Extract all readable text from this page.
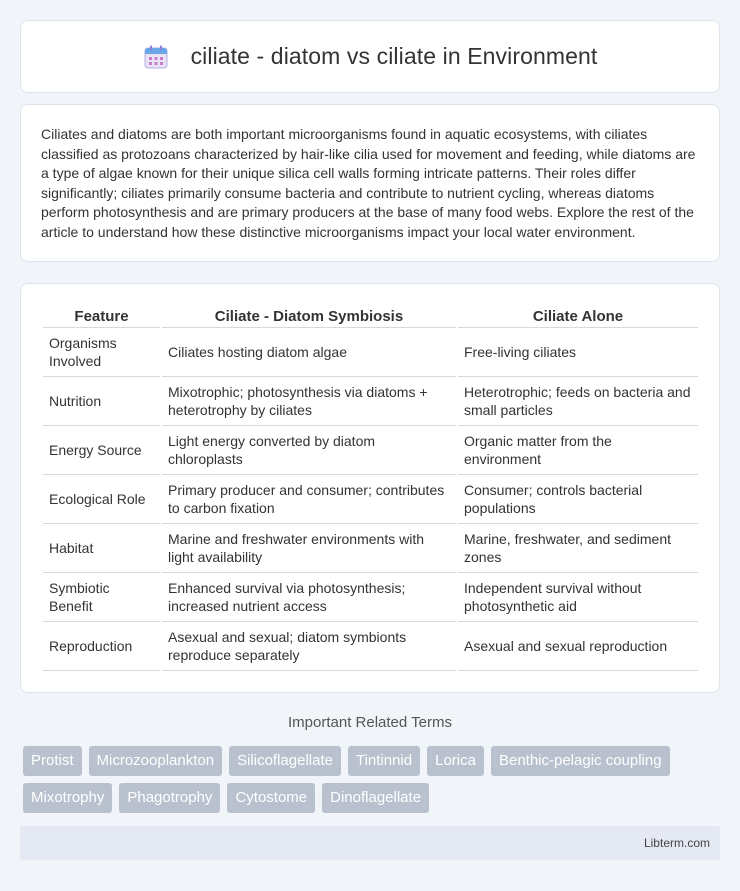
ciliate - diatom vs ciliate in Environment

Ciliates and diatoms are both important microorganisms found in aquatic ecosystems, with ciliates classified as protozoans characterized by hair-like cilia used for movement and feeding, while diatoms are a type of algae known for their unique silica cell walls forming intricate patterns. Their roles differ significantly; ciliates primarily consume bacteria and contribute to nutrient cycling, whereas diatoms perform photosynthesis and are primary producers at the base of many food webs. Explore the rest of the article to understand how these distinctive microorganisms impact your local water environment.

Feature	Ciliate - Diatom Symbiosis	Ciliate Alone
Organisms Involved	Ciliates hosting diatom algae	Free-living ciliates
Nutrition	Mixotrophic; photosynthesis via diatoms + heterotrophy by ciliates	Heterotrophic; feeds on bacteria and small particles
Energy Source	Light energy converted by diatom chloroplasts	Organic matter from the environment
Ecological Role	Primary producer and consumer; contributes to carbon fixation	Consumer; controls bacterial populations
Habitat	Marine and freshwater environments with light availability	Marine, freshwater, and sediment zones
Symbiotic Benefit	Enhanced survival via photosynthesis; increased nutrient access	Independent survival without photosynthetic aid
Reproduction	Asexual and sexual; diatom symbionts reproduce separately	Asexual and sexual reproduction
Important Related Terms
Protist	Microzooplankton	Silicoflagellate	Tintinnid	Lorica	Benthic-pelagic coupling
Mixotrophy	Phagotrophy	Cytostome	Dinoflagellate
Libterm.com
